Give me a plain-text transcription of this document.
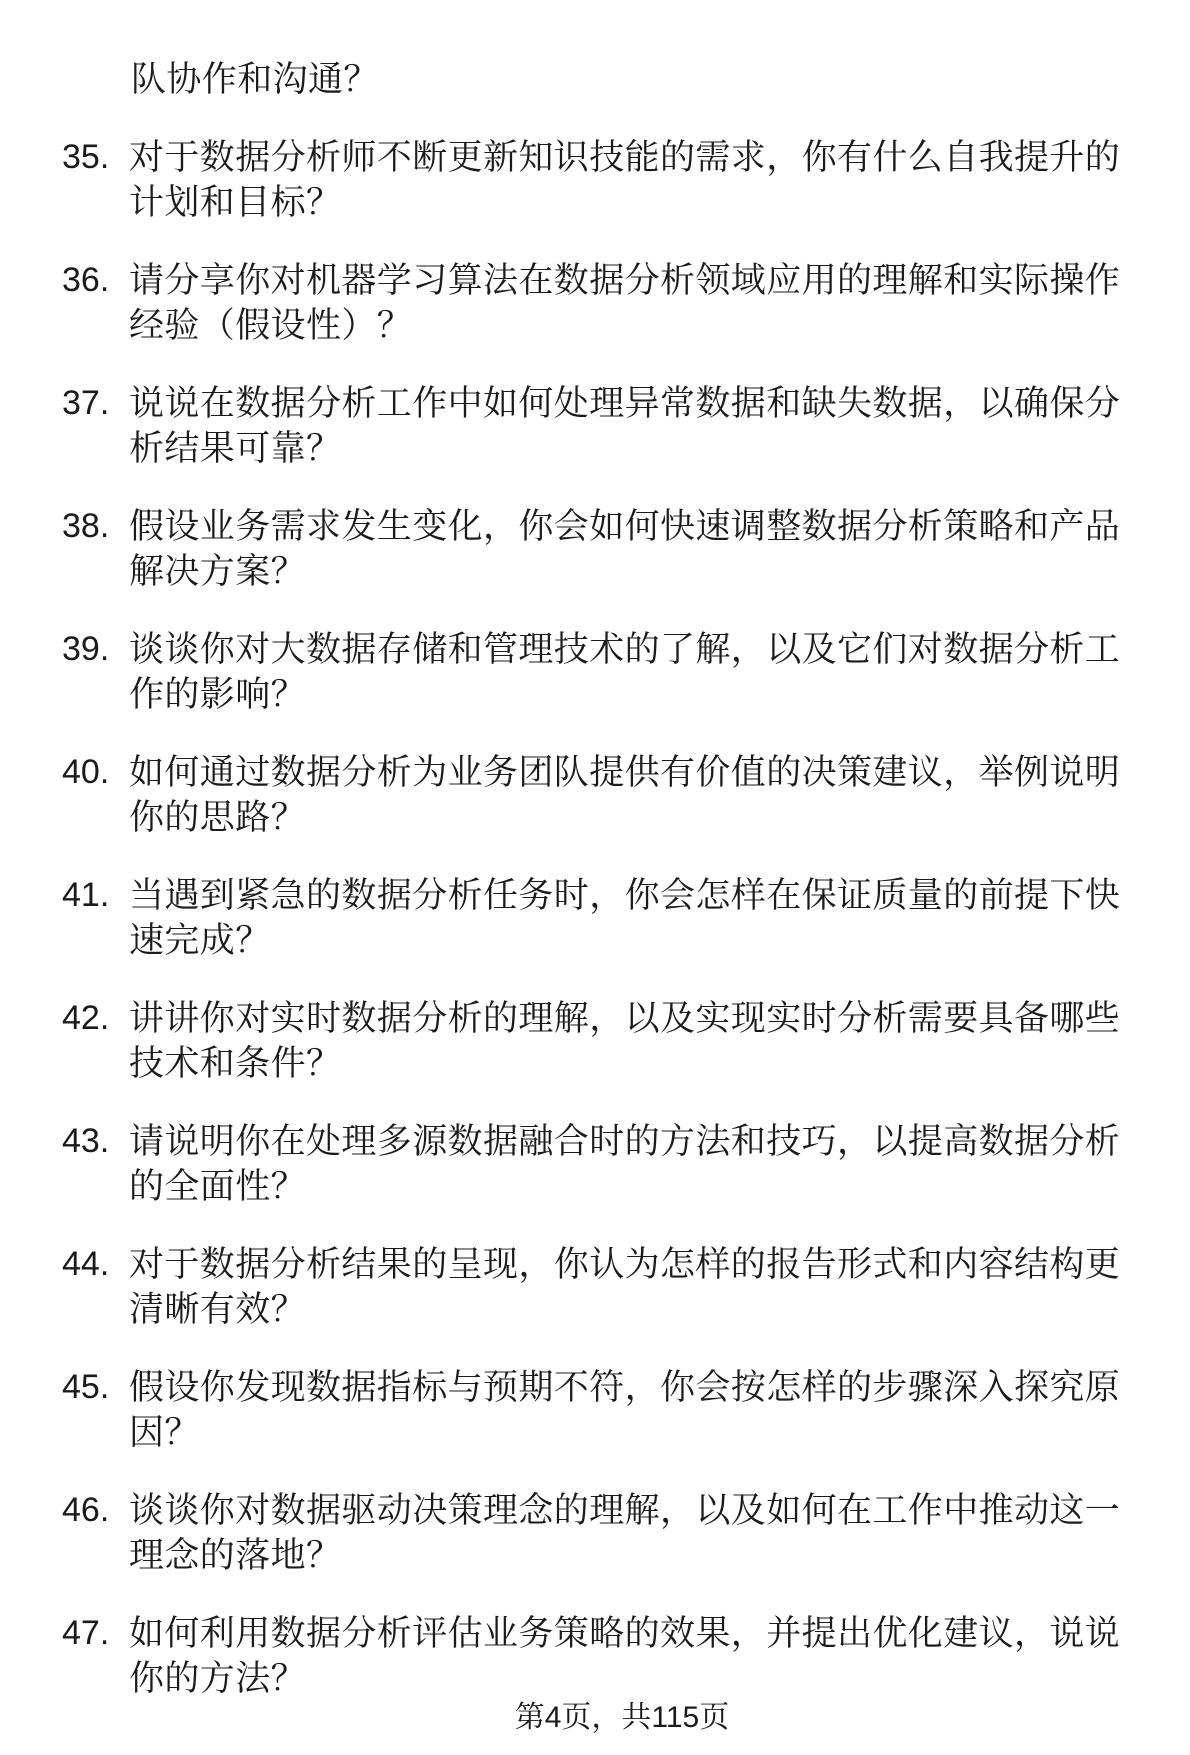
队协作和沟通？
35. 对于数据分析师不断更新知识技能的需求，你有什么自我提升的
计划和目标？
36. 请分享你对机器学习算法在数据分析领域应用的理解和实际操作
经验（假设性）？
37. 说说在数据分析工作中如何处理异常数据和缺失数据，以确保分
析结果可靠？
38. 假设业务需求发生变化，你会如何快速调整数据分析策略和产品
解决方案？
39. 谈谈你对大数据存储和管理技术的了解，以及它们对数据分析工
作的影响？
40. 如何通过数据分析为业务团队提供有价值的决策建议，举例说明
你的思路？
41. 当遇到紧急的数据分析任务时，你会怎样在保证质量的前提下快
速完成？
42. 讲讲你对实时数据分析的理解，以及实现实时分析需要具备哪些
技术和条件？
43. 请说明你在处理多源数据融合时的方法和技巧，以提高数据分析
的全面性？
44. 对于数据分析结果的呈现，你认为怎样的报告形式和内容结构更
清晰有效？
45. 假设你发现数据指标与预期不符，你会按怎样的步骤深入探究原
因？
46. 谈谈你对数据驱动决策理念的理解，以及如何在工作中推动这一
理念的落地？
47. 如何利用数据分析评估业务策略的效果，并提出优化建议，说说
你的方法？
第4页，共115页
